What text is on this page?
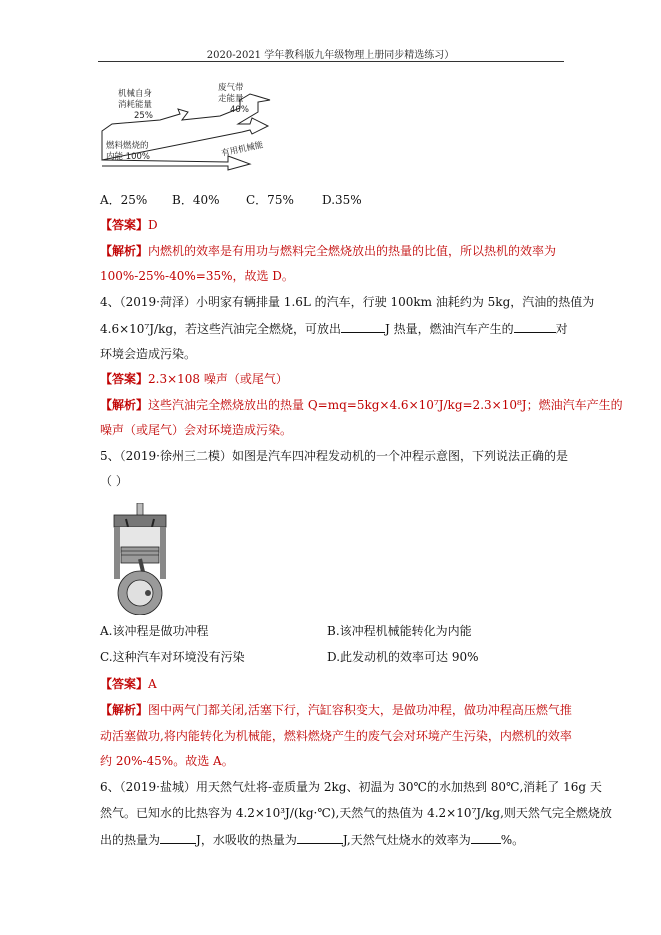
2020-2021 学年教科版九年级物理上册同步精选练习）
机械自身
消耗能量
25%
废气带
走能量
40%
燃料燃烧的
内能 100%	有用机械能
A．25% B．40% C．75% D.35%
【答案】D
【解析】内燃机的效率是有用功与燃料完全燃烧放出的热量的比值，所以热机的效率为
100%-25%-40%=35%，故选 D。
4、（2019·菏泽）小明家有辆排量 1.6L 的汽车，行驶 100km 油耗约为 5kg，汽油的热值为
4.6×10⁷J/kg，若这些汽油完全燃烧，可放出	J 热量，燃油汽车产生的	对
环境会造成污染。
【答案】2.3×108 噪声（或尾气）
【解析】这些汽油完全燃烧放出的热量 Q=mq=5kg×4.6×10⁷J/kg=2.3×10⁸J；燃油汽车产生的
噪声（或尾气）会对环境造成污染。
5、（2019·徐州三二模）如图是汽车四冲程发动机的一个冲程示意图，下列说法正确的是
（ ）
A.该冲程是做功冲程	B.该冲程机械能转化为内能
C.这种汽车对环境没有污染	D.此发动机的效率可达 90%
【答案】A
【解析】图中两气门都关闭,活塞下行，汽缸容积变大，是做功冲程，做功冲程高压燃气推
动活塞做功,将内能转化为机械能，燃料燃烧产生的废气会对环境产生污染，内燃机的效率
约 20%-45%。故选 A。
6、（2019·盐城）用天然气灶将-壶质量为 2kg、初温为 30℃的水加热到 80℃,消耗了 16g 天
然气。已知水的比热容为 4.2×10³J/(kg·℃),天然气的热值为 4.2×10⁷J/kg,则天然气完全燃烧放
出的热量为	J，水吸收的热量为	J,天然气灶烧水的效率为	%。
